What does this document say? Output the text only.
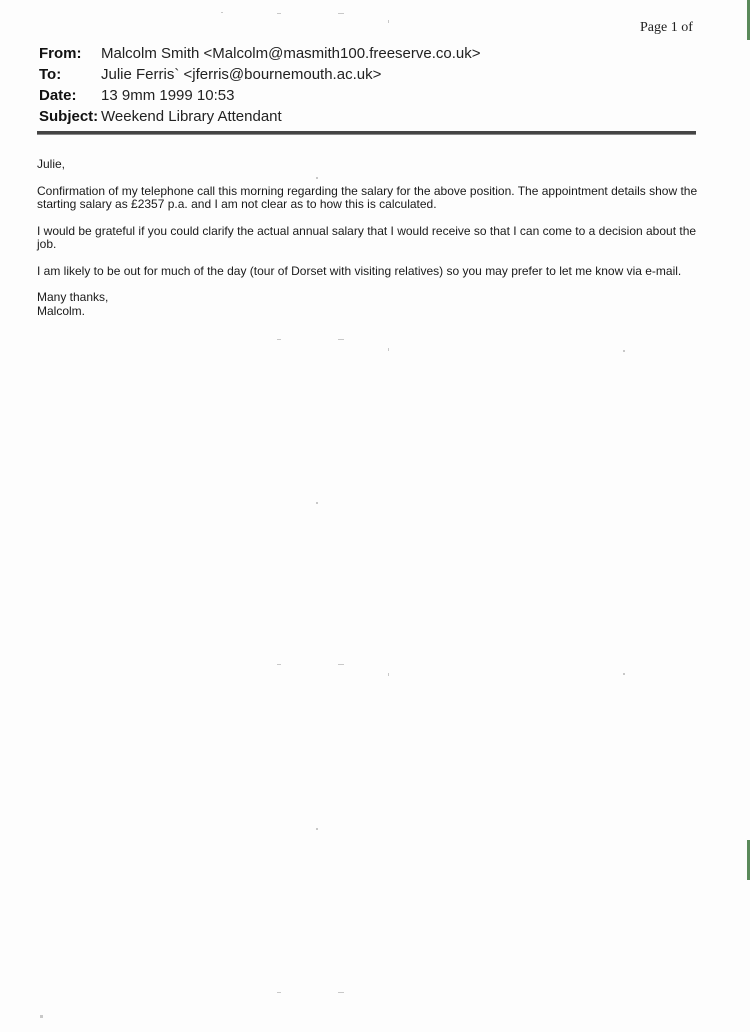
Page 1 of
From:	Malcolm Smith <Malcolm@masmith100.freeserve.co.uk>
To:	Julie Ferris` <jferris@bournemouth.ac.uk>
Date:	13 9mm 1999 10:53
Subject: Weekend Library Attendant

Julie,

Confirmation of my telephone call this morning regarding the salary for the above position. The appointment details show the starting salary as £2357 p.a. and I am not clear as to how this is calculated.

I would be grateful if you could clarify the actual annual salary that I would receive so that I can come to a decision about the job.

I am likely to be out for much of the day (tour of Dorset with visiting relatives) so you may prefer to let me know via e-mail.

Many thanks,
Malcolm.
